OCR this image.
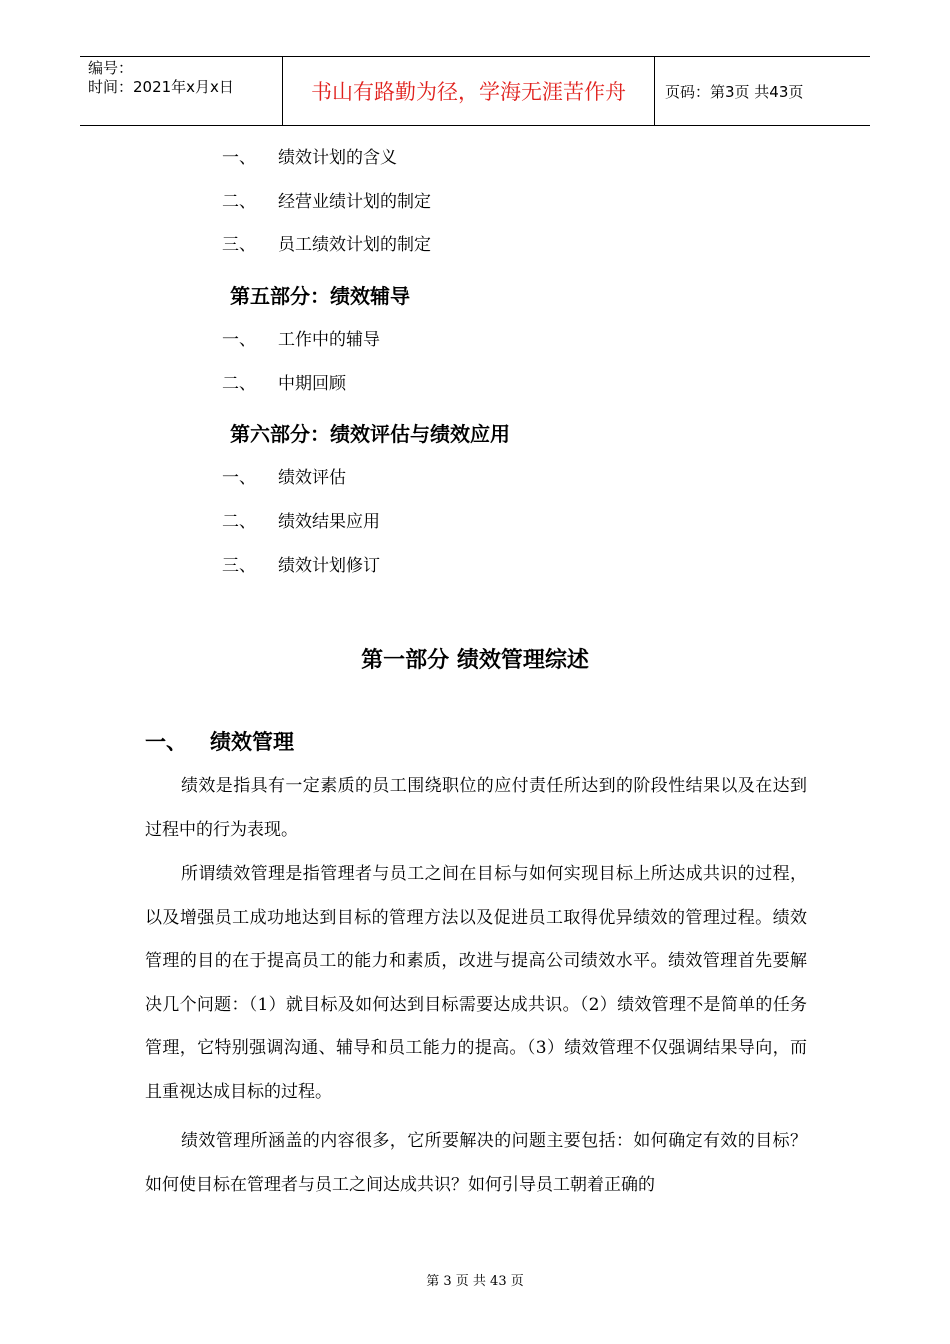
编号：
时间：2021年x月x日	书山有路勤为径，学海无涯苦作舟	页码：第3页 共43页
一、 绩效计划的含义
二、 经营业绩计划的制定
三、 员工绩效计划的制定
第五部分：绩效辅导
一、 工作中的辅导
二、 中期回顾
第六部分：绩效评估与绩效应用
一、 绩效评估
二、 绩效结果应用
三、 绩效计划修订
第一部分 绩效管理综述
一、 绩效管理
绩效是指具有一定素质的员工围绕职位的应付责任所达到的阶段性结果以及在达到过程中的行为表现。
所谓绩效管理是指管理者与员工之间在目标与如何实现目标上所达成共识的过程，以及增强员工成功地达到目标的管理方法以及促进员工取得优异绩效的管理过程。绩效管理的目的在于提高员工的能力和素质，改进与提高公司绩效水平。绩效管理首先要解决几个问题：（1）就目标及如何达到目标需要达成共识。（2）绩效管理不是简单的任务管理，它特别强调沟通、辅导和员工能力的提高。（3）绩效管理不仅强调结果导向，而且重视达成目标的过程。
绩效管理所涵盖的内容很多，它所要解决的问题主要包括：如何确定有效的目标？如何使目标在管理者与员工之间达成共识？如何引导员工朝着正确的
第 3 页 共 43 页
